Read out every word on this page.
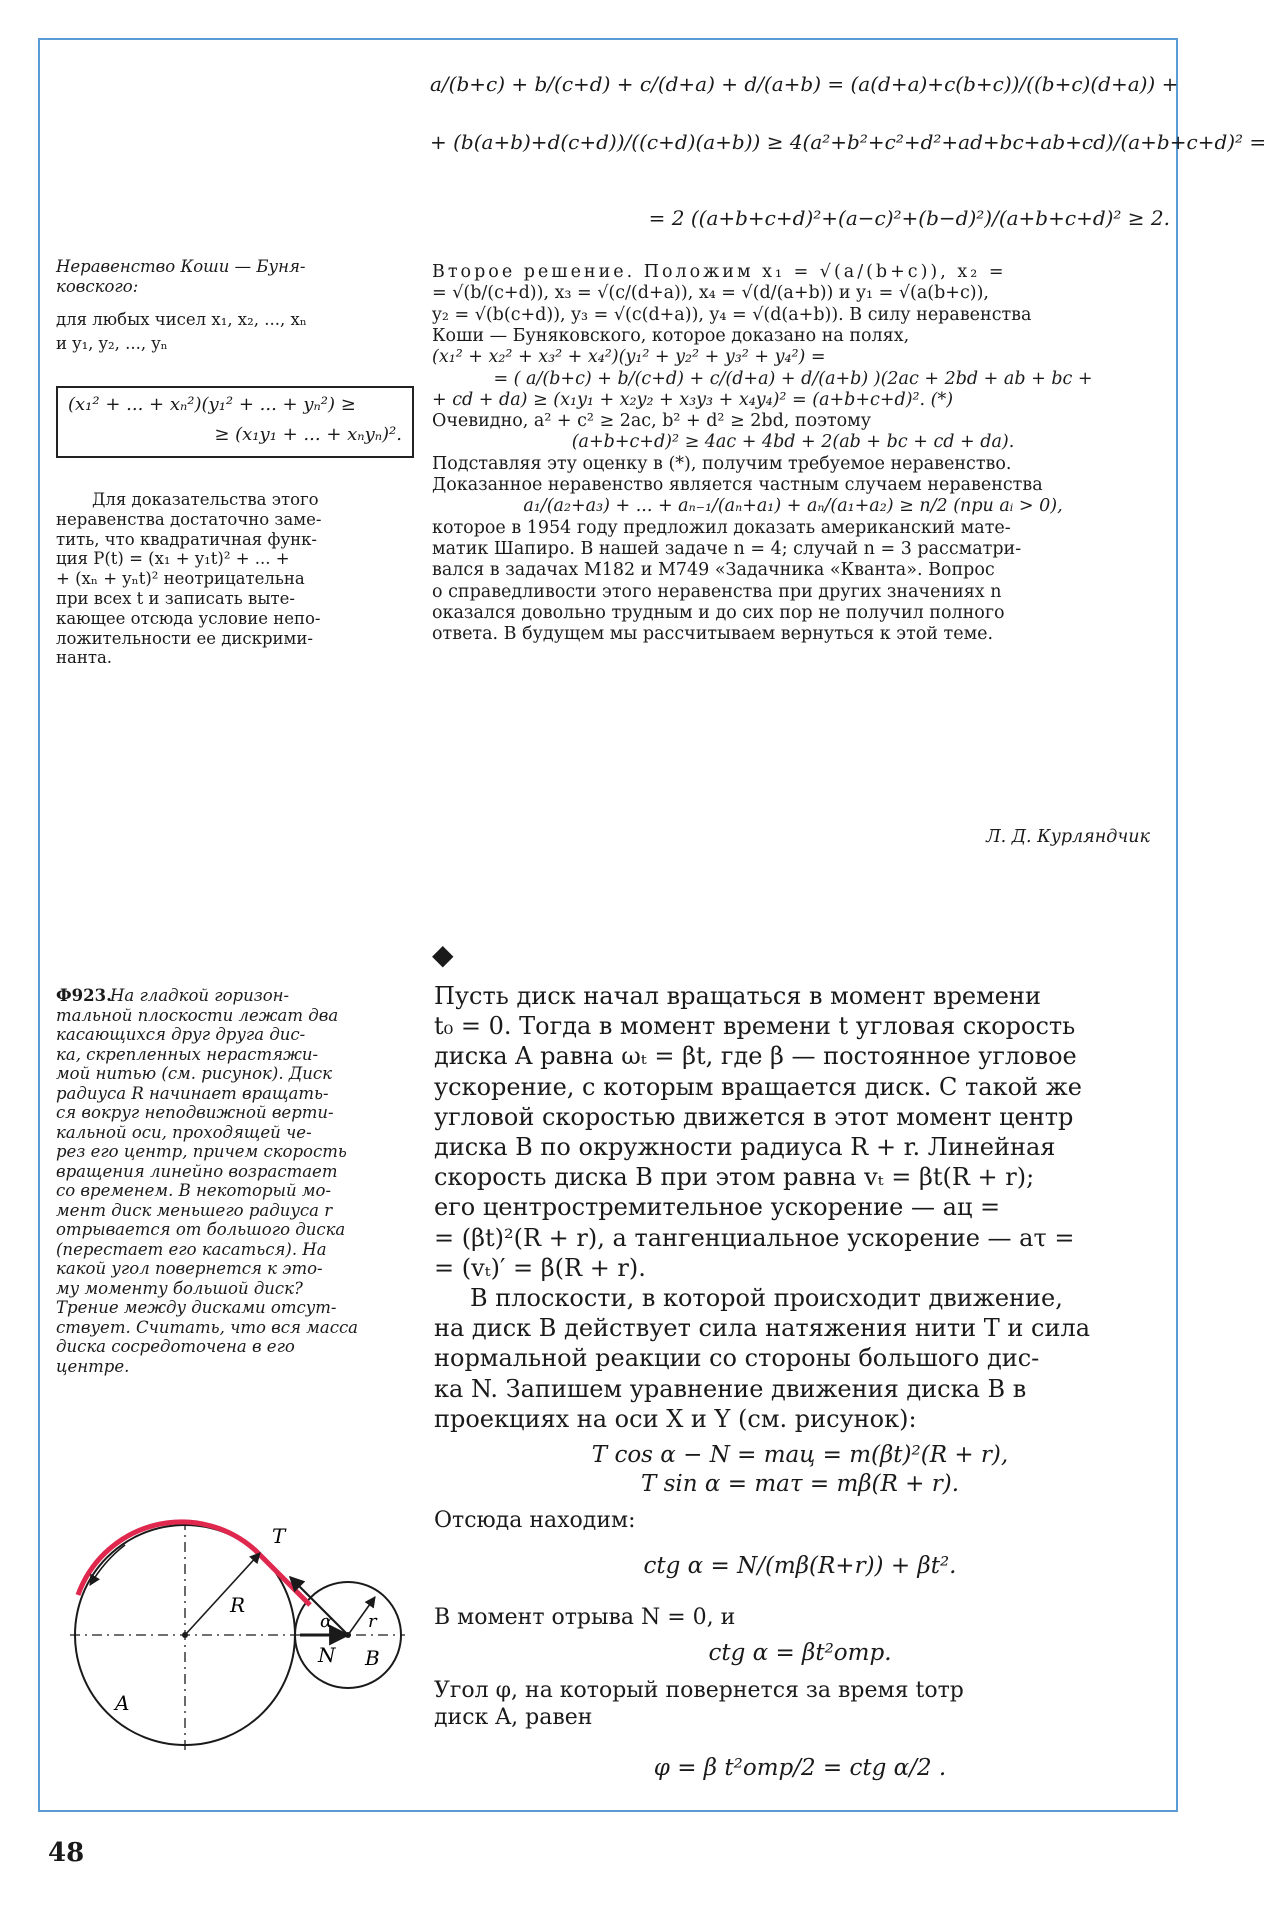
a/(b+c) + b/(c+d) + c/(d+a) + d/(a+b) = (a(d+a)+c(b+c))/((b+c)(d+a)) +
+ (b(a+b)+d(c+d))/((c+d)(a+b)) ≥ 4(a²+b²+c²+d²+ad+bc+ab+cd)/(a+b+c+d)² =
= 2 ((a+b+c+d)²+(a−c)²+(b−d)²)/(a+b+c+d)² ≥ 2.
Неравенство Коши — Буня-
ковского:
для любых чисел x₁, x₂, ..., xₙ
и y₁, y₂, ..., yₙ
(x₁² + ... + xₙ²)(y₁² + ... + yₙ²) ≥
≥ (x₁y₁ + ... + xₙyₙ)².
Для доказательства этого
неравенства достаточно заме-
тить, что квадратичная функ-
ция P(t) = (x₁ + y₁t)² + ... +
+ (xₙ + yₙt)² неотрицательна
при всех t и записать выте-
кающее отсюда условие непо-
ложительности ее дискрими-
нанта.
Второе решение. Положим x₁ = √(a/(b+c)), x₂ =
= √(b/(c+d)), x₃ = √(c/(d+a)), x₄ = √(d/(a+b)) и y₁ = √(a(b+c)),
y₂ = √(b(c+d)), y₃ = √(c(d+a)), y₄ = √(d(a+b)). В силу неравенства
Коши — Буняковского, которое доказано на полях,
(x₁² + x₂² + x₃² + x₄²)(y₁² + y₂² + y₃² + y₄²) =
= ( a/(b+c) + b/(c+d) + c/(d+a) + d/(a+b) )(2ac + 2bd + ab + bc +
+ cd + da) ≥ (x₁y₁ + x₂y₂ + x₃y₃ + x₄y₄)² = (a+b+c+d)². (*)
Очевидно, a² + c² ≥ 2ac, b² + d² ≥ 2bd, поэтому
(a+b+c+d)² ≥ 4ac + 4bd + 2(ab + bc + cd + da).
Подставляя эту оценку в (*), получим требуемое неравенство.
Доказанное неравенство является частным случаем неравенства
a₁/(a₂+a₃) + ... + aₙ₋₁/(aₙ+a₁) + aₙ/(a₁+a₂) ≥ n/2 (при aᵢ > 0),
которое в 1954 году предложил доказать американский мате-
матик Шапиро. В нашей задаче n = 4; случай n = 3 рассматри-
вался в задачах М182 и М749 «Задачника «Кванта». Вопрос
о справедливости этого неравенства при других значениях n
оказался довольно трудным и до сих пор не получил полного
ответа. В будущем мы рассчитываем вернуться к этой теме.
Л. Д. Курляндчик
Ф923.
На гладкой горизон-
тальной плоскости лежат два
касающихся друг друга дис-
ка, скрепленных нерастяжи-
мой нитью (см. рисунок). Диск
радиуса R начинает вращать-
ся вокруг неподвижной верти-
кальной оси, проходящей че-
рез его центр, причем скорость
вращения линейно возрастает
со временем. В некоторый мо-
мент диск меньшего радиуса r
отрывается от большого диска
(перестает его касаться). На
какой угол повернется к это-
му моменту большой диск?
Трение между дисками отсут-
ствует. Считать, что вся масса
диска сосредоточена в его
центре.
◆
Пусть диск начал вращаться в момент времени
t₀ = 0. Тогда в момент времени t угловая скорость
диска A равна ωₜ = βt, где β — постоянное угловое
ускорение, с которым вращается диск. С такой же
угловой скоростью движется в этот момент центр
диска B по окружности радиуса R + r. Линейная
скорость диска B при этом равна vₜ = βt(R + r);
его центростремительное ускорение — aц =
= (βt)²(R + r), а тангенциальное ускорение — aτ =
= (vₜ)′ = β(R + r).
В плоскости, в которой происходит движение,
на диск B действует сила натяжения нити T и сила
нормальной реакции со стороны большого дис-
ка N. Запишем уравнение движения диска B в
проекциях на оси X и Y (см. рисунок):
T cos α − N = maц = m(βt)²(R + r),
T sin α = maτ = mβ(R + r).
Отсюда находим:
ctg α = N/(mβ(R+r)) + βt².
В момент отрыва N = 0, и
ctg α = βt²отр.
Угол φ, на который повернется за время tотр
диск A, равен
φ = β t²отр/2 = ctg α/2 .
A
B
R
r
T
N
α
48
